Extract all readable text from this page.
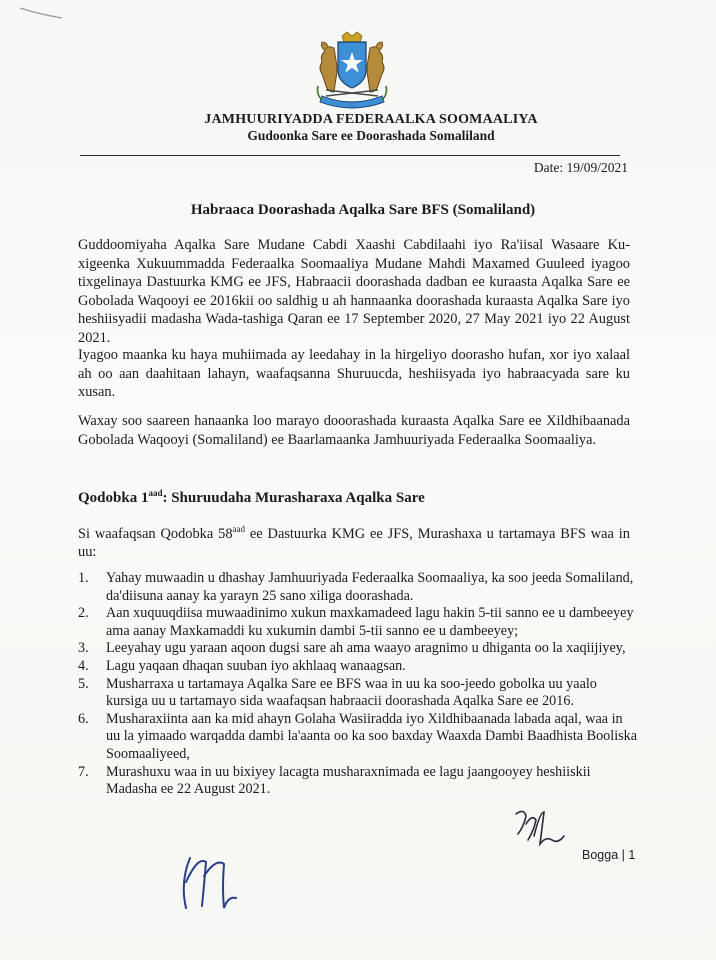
JAMHUURIYADDA FEDERAALKA SOOMAALIYA
Gudoonka Sare ee Doorashada Somaliland
Date: 19/09/2021
Habraaca Doorashada Aqalka Sare BFS (Somaliland)

Guddoomiyaha Aqalka Sare Mudane Cabdi Xaashi Cabdilaahi iyo Ra'iisal Wasaare Ku-xigeenka Xukuummadda Federaalka Soomaaliya Mudane Mahdi Maxamed Guuleed iyagoo tixgelinaya Dastuurka KMG ee JFS, Habraacii doorashada dadban ee kuraasta Aqalka Sare ee Gobolada Waqooyi ee 2016kii oo saldhig u ah hannaanka doorashada kuraasta Aqalka Sare iyo heshiisyadii madasha Wada-tashiga Qaran ee 17 September 2020, 27 May 2021 iyo 22 August 2021.

Iyagoo maanka ku haya muhiimada ay leedahay in la hirgeliyo doorasho hufan, xor iyo xalaal ah oo aan daahitaan lahayn, waafaqsanna Shuruucda, heshiisyada iyo habraacyada sare ku xusan.

Waxay soo saareen hanaanka loo marayo dooorashada kuraasta Aqalka Sare ee Xildhibaanada Gobolada Waqooyi (Somaliland) ee Baarlamaanka Jamhuuriyada Federaalka Soomaaliya.

Qodobka $1^{aad}$: Shuruudaha Murasharaxa Aqalka Sare

Si waafaqsan Qodobka $58^{aad}$ ee Dastuurka KMG ee JFS, Murashaxa u tartamaya BFS waa in uu:

1. Yahay muwaadin u dhashay Jamhuuriyada Federaalka Soomaaliya, ka soo jeeda Somaliland, da'diisuna aanay ka yarayn 25 sano xiliga doorashada.
2. Aan xuquuqdiisa muwaadinimo xukun maxkamadeed lagu hakin 5-tii sanno ee u dambeeyey ama aanay Maxkamaddi ku xukumin dambi 5-tii sanno ee u dambeeyey;
3. Leeyahay ugu yaraan aqoon dugsi sare ah ama waayo aragnimo u dhiganta oo la xaqiijiyey,
4. Lagu yaqaan dhaqan suuban iyo akhlaaq wanaagsan.
5. Musharraxa u tartamaya Aqalka Sare ee BFS waa in uu ka soo-jeedo gobolka uu yaalo kursiga uu u tartamayo sida waafaqsan habraacii doorashada Aqalka Sare ee 2016.
6. Musharaxiinta aan ka mid ahayn Golaha Wasiiradda iyo Xildhibaanada labada aqal, waa in uu la yimaado warqadda dambi la'aanta oo ka soo baxday Waaxda Dambi Baadhista Booliska Soomaaliyeed,
7. Murashuxu waa in uu bixiyey lacagta musharaxnimada ee lagu jaangooyey heshiiskii Madasha ee 22 August 2021.
Bogga | 1
